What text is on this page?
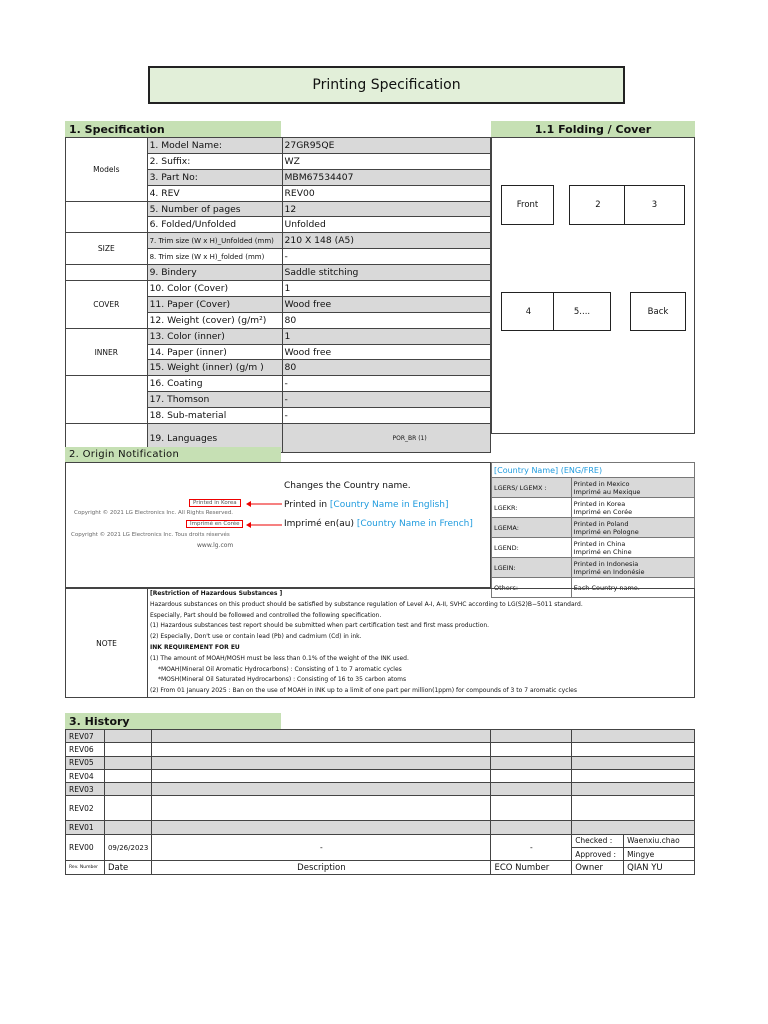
Printing Specification
1. Specification	1.1 Folding / Cover
Models	1. Model Name:	27GR95QE
	2. Suffix:	WZ
	3. Part No:	MBM67534407
	4. REV	REV00
	5. Number of pages	12
	6. Folded/Unfolded	Unfolded
SIZE	7. Trim size (W x H)_Unfolded (mm)	210 X 148 (A5)
	8. Trim size (W x H)_folded (mm)	-
	9. Bindery	Saddle stitching
COVER	10. Color (Cover)	1
	11. Paper (Cover)	Wood free
	12. Weight (cover) (g/m²)	80
INNER	13. Color (inner)	1
	14. Paper (inner)	Wood free
	15. Weight (inner) (g/m )	80
	16. Coating	-
	17. Thomson	-
	18. Sub-material	-
	19. Languages	POR_BR (1)
Front	2	3
4	5....	Back
2. Origin Notification
Copyright © 2021 LG Electronics Inc. All Rights Reserved.
Copyright © 2021 LG Electronics Inc. Tous droits réservés
www.lg.com
Printed in Korea
Imprimé en Corée
Changes the Country name.
Printed in [Country Name in English]
Imprimé en(au) [Country Name in French]
[Country Name] (ENG/FRE)	
LGERS/ LGEMX :	Printed in Mexico
Imprimé au Mexique

LGEKR:	Printed in Korea
Imprimé en Corée

LGEMA:	Printed in Poland
Imprimé en Pologne

LGEND:	Printed in China
Imprimé en Chine

LGEIN:	Printed in Indonesia
Imprimé en Indonésie

Others:	Each Country name.
NOTE
[Restriction of Hazardous Substances ]
Hazardous substances on this product should be satisfied by substance regulation of Level A-I, A-II, SVHC according to LG(S2)B−5011 standard.
Especially, Part should be followed and controlled the following specification.
(1) Hazardous substances test report should be submitted when part certification test and first mass production.
(2) Especially, Don't use or contain lead (Pb) and cadmium (Cd) in ink.
INK REQUIREMENT FOR EU
(1) The amount of MOAH/MOSH must be less than 0.1% of the weight of the INK used.
*MOAH(Mineral Oil Aromatic Hydrocarbons) : Consisting of 1 to 7 aromatic cycles
*MOSH(Mineral Oil Saturated Hydrocarbons) : Consisting of 16 to 35 carbon atoms
(2) From 01 January 2025 : Ban on the use of MOAH in INK up to a limit of one part per million(1ppm) for compounds of 3 to 7 aromatic cycles
3. History
REV07					
REV06					
REV05					
REV04					
REV03					
REV02					
REV01					
REV00	09/26/2023	-	-	Checked :	Waenxiu.chao
				Approved :	Mingye
Rev. Number	Date	Description	ECO Number	Owner	QIAN YU
